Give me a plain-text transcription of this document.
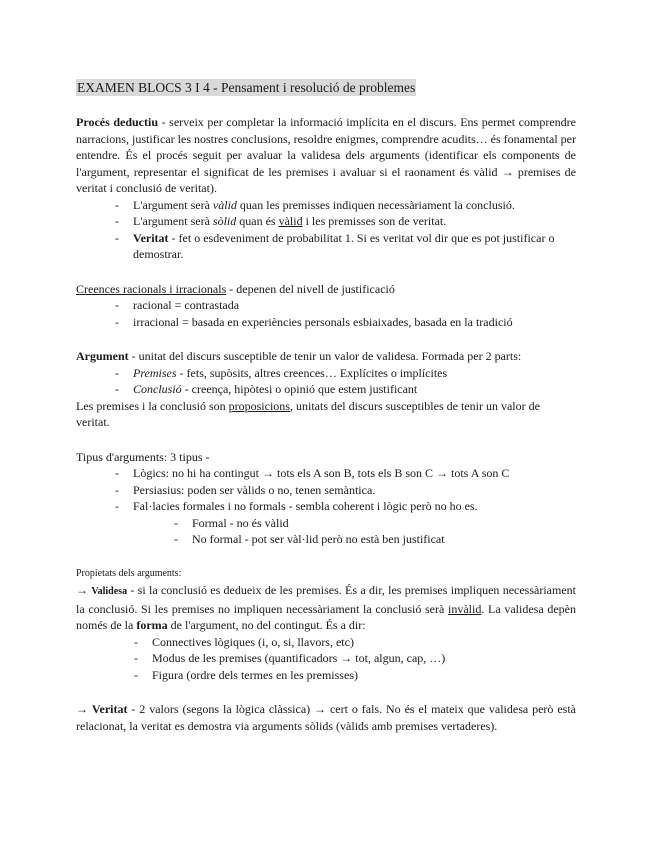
EXAMEN BLOCS 3 I 4 - Pensament i resolució de problemes

Procés deductiu - serveix per completar la informació implícita en el discurs. Ens permet comprendre narracions, justificar les nostres conclusions, resoldre enigmes, comprendre acudits… és fonamental per entendre. És el procés seguit per avaluar la validesa dels arguments (identificar els components de l'argument, representar el significat de les premises i avaluar si el raonament és vàlid → premises de veritat i conclusió de veritat).

- L'argument serà vàlid quan les premisses indiquen necessàriament la conclusió.
- L'argument serà sòlid quan és vàlid i les premisses son de veritat.
- Veritat - fet o esdeveniment de probabilitat 1. Si es veritat vol dir que es pot justificar o demostrar.

Creences racionals i irracionals - depenen del nivell de justificació

- racional = contrastada
- irracional = basada en experiències personals esbiaixades, basada en la tradició

Argument - unitat del discurs susceptible de tenir un valor de validesa. Formada per 2 parts:

- Premises - fets, supòsits, altres creences… Explícites o implícites
- Conclusió - creença, hipòtesi o opinió que estem justificant

Les premises i la conclusió son proposicions, unitats del discurs susceptibles de tenir un valor de veritat.

Tipus d'arguments: 3 tipus -

- Lògics: no hi ha contingut → tots els A son B, tots els B son C → tots A son C
- Persiasius: poden ser vàlids o no, tenen semàntica.
- Fal·lacies formales i no formals - sembla coherent i lògic però no ho es.
- Formal - no és vàlid
- No formal - pot ser vàl·lid però no està ben justificat

Propietats dels arguments:

→ Validesa - si la conclusió es dedueix de les premises. És a dir, les premises impliquen necessàriament la conclusió. Si les premises no impliquen necessàriament la conclusió serà invàlid. La validesa depèn només de la forma de l'argument, no del contingut. És a dir:

- Connectives lògiques (i, o, si, llavors, etc)
- Modus de les premises (quantificadors → tot, algun, cap, …)
- Figura (ordre dels termes en les premisses)

→ Veritat - 2 valors (segons la lògica clàssica) → cert o fals. No és el mateix que validesa però està relacionat, la veritat es demostra via arguments sòlids (vàlids amb premises vertaderes).
